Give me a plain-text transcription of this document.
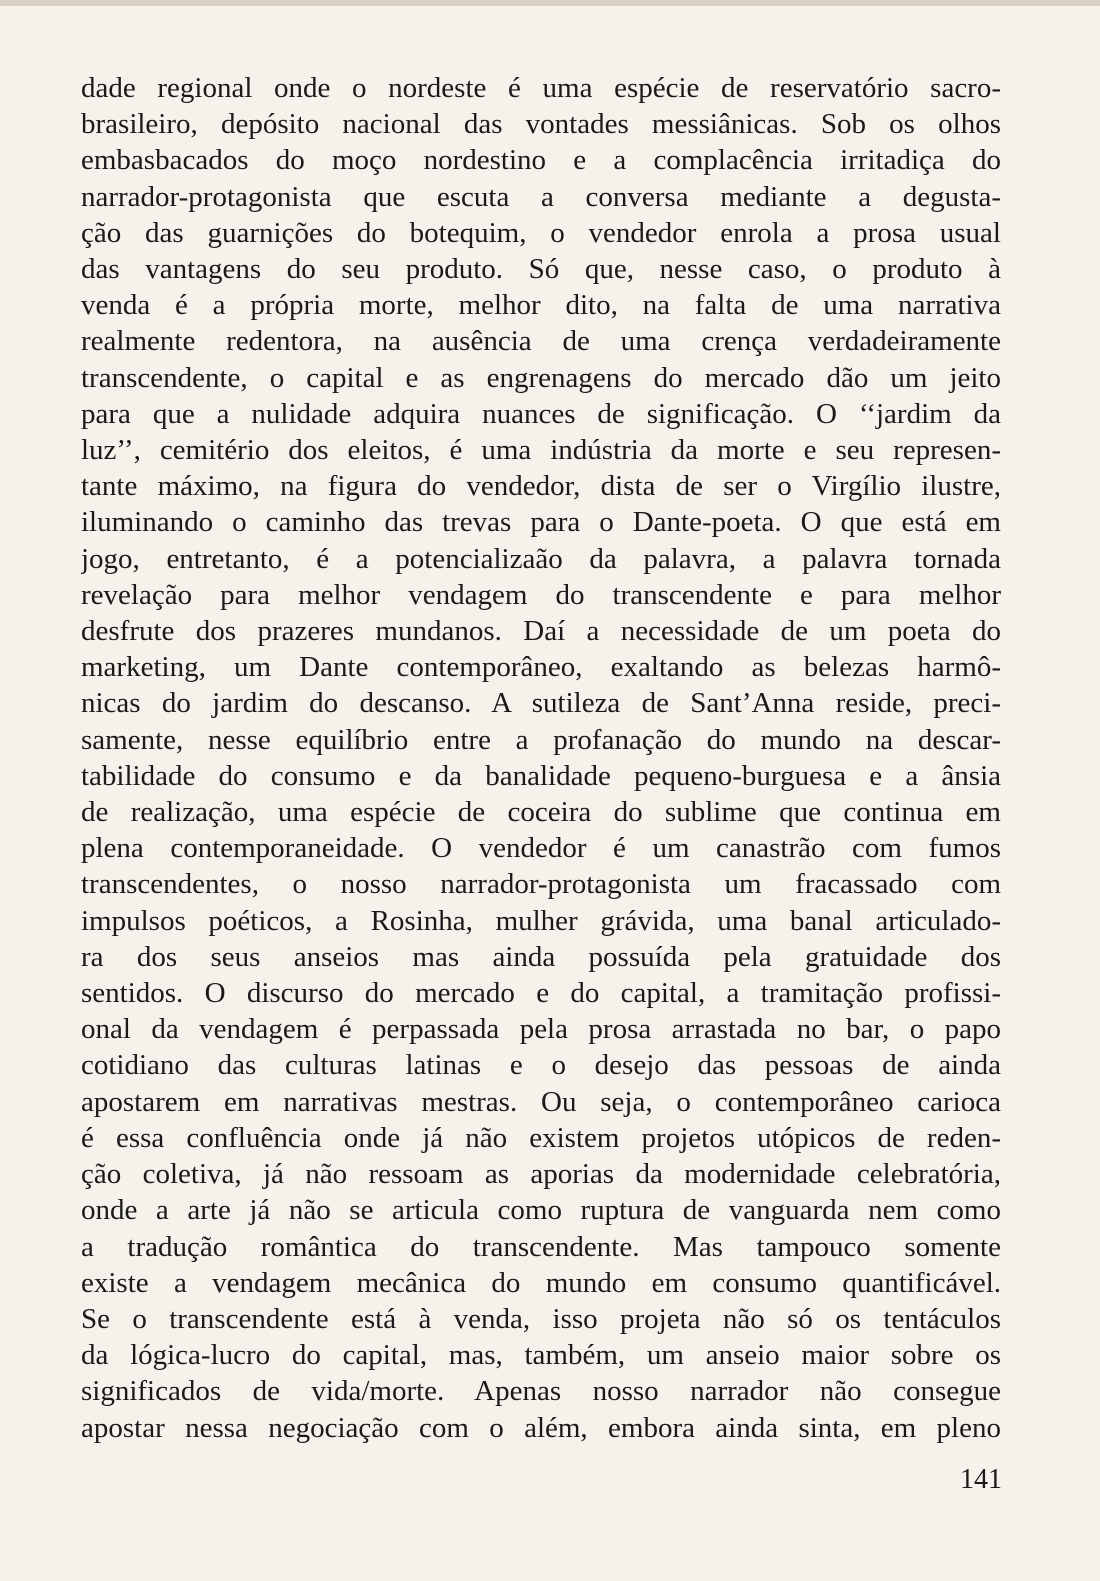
dade regional onde o nordeste é uma espécie de reservatório sacro-
brasileiro, depósito nacional das vontades messiânicas. Sob os olhos
embasbacados do moço nordestino e a complacência irritadiça do
narrador-protagonista que escuta a conversa mediante a degusta-
ção das guarnições do botequim, o vendedor enrola a prosa usual
das vantagens do seu produto. Só que, nesse caso, o produto à
venda é a própria morte, melhor dito, na falta de uma narrativa
realmente redentora, na ausência de uma crença verdadeiramente
transcendente, o capital e as engrenagens do mercado dão um jeito
para que a nulidade adquira nuances de significação. O ‘‘jardim da
luz’’, cemitério dos eleitos, é uma indústria da morte e seu represen-
tante máximo, na figura do vendedor, dista de ser o Virgílio ilustre,
iluminando o caminho das trevas para o Dante-poeta. O que está em
jogo, entretanto, é a potencializaão da palavra, a palavra tornada
revelação para melhor vendagem do transcendente e para melhor
desfrute dos prazeres mundanos. Daí a necessidade de um poeta do
marketing, um Dante contemporâneo, exaltando as belezas harmô-
nicas do jardim do descanso. A sutileza de Sant’Anna reside, preci-
samente, nesse equilíbrio entre a profanação do mundo na descar-
tabilidade do consumo e da banalidade pequeno-burguesa e a ânsia
de realização, uma espécie de coceira do sublime que continua em
plena contemporaneidade. O vendedor é um canastrão com fumos
transcendentes, o nosso narrador-protagonista um fracassado com
impulsos poéticos, a Rosinha, mulher grávida, uma banal articulado-
ra dos seus anseios mas ainda possuída pela gratuidade dos
sentidos. O discurso do mercado e do capital, a tramitação profissi-
onal da vendagem é perpassada pela prosa arrastada no bar, o papo
cotidiano das culturas latinas e o desejo das pessoas de ainda
apostarem em narrativas mestras. Ou seja, o contemporâneo carioca
é essa confluência onde já não existem projetos utópicos de reden-
ção coletiva, já não ressoam as aporias da modernidade celebratória,
onde a arte já não se articula como ruptura de vanguarda nem como
a tradução romântica do transcendente. Mas tampouco somente
existe a vendagem mecânica do mundo em consumo quantificável.
Se o transcendente está à venda, isso projeta não só os tentáculos
da lógica-lucro do capital, mas, também, um anseio maior sobre os
significados de vida/morte. Apenas nosso narrador não consegue
apostar nessa negociação com o além, embora ainda sinta, em pleno
141
